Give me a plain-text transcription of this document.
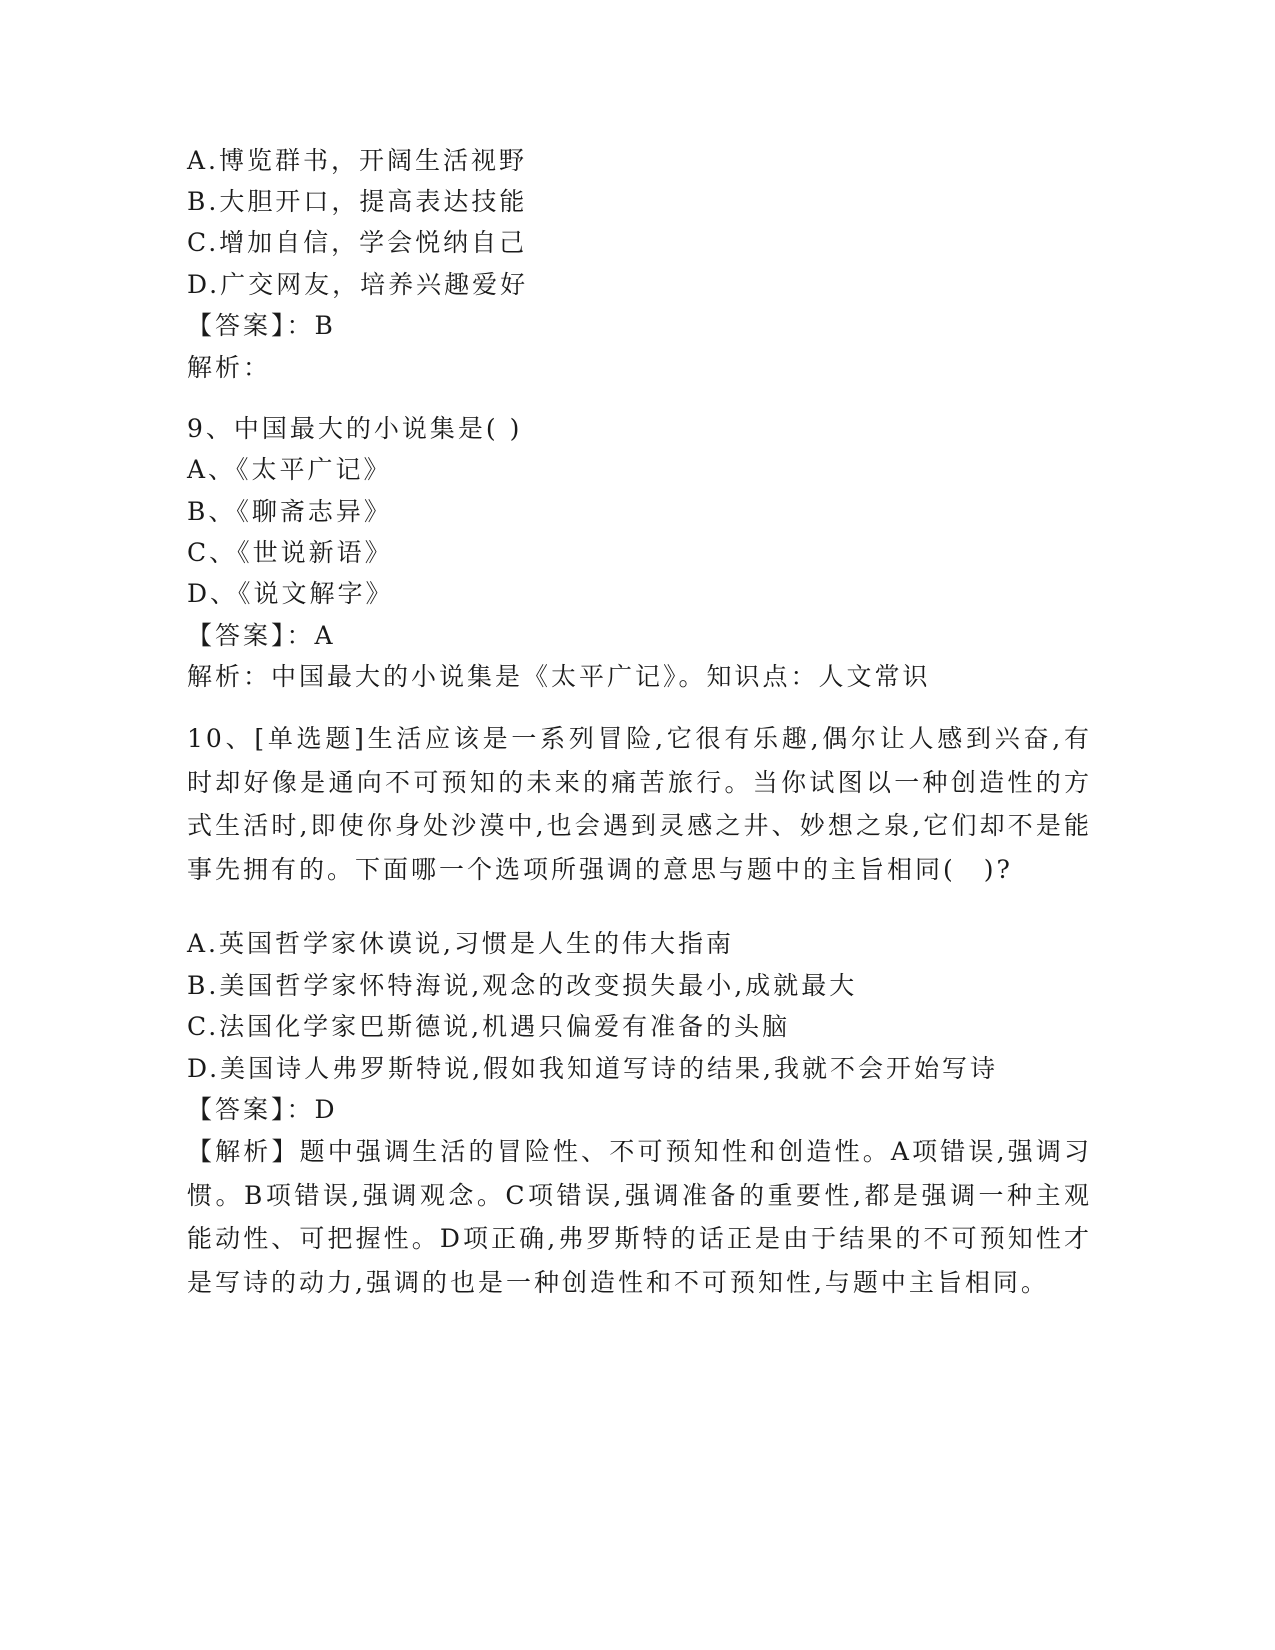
A.博览群书，开阔生活视野
B.大胆开口，提高表达技能
C.增加自信，学会悦纳自己
D.广交网友，培养兴趣爱好
【答案】：B
解析：
9、中国最大的小说集是( )
A、《太平广记》
B、《聊斋志异》
C、《世说新语》
D、《说文解字》
【答案】：A
解析：中国最大的小说集是《太平广记》。知识点：人文常识
10、[单选题]生活应该是一系列冒险,它很有乐趣,偶尔让人感到兴奋,有时却好像是通向不可预知的未来的痛苦旅行。当你试图以一种创造性的方式生活时,即使你身处沙漠中,也会遇到灵感之井、妙想之泉,它们却不是能事先拥有的。下面哪一个选项所强调的意思与题中的主旨相同(　)?
A.英国哲学家休谟说,习惯是人生的伟大指南
B.美国哲学家怀特海说,观念的改变损失最小,成就最大
C.法国化学家巴斯德说,机遇只偏爱有准备的头脑
D.美国诗人弗罗斯特说,假如我知道写诗的结果,我就不会开始写诗
【答案】：D
【解析】题中强调生活的冒险性、不可预知性和创造性。A项错误,强调习惯。B项错误,强调观念。C项错误,强调准备的重要性,都是强调一种主观能动性、可把握性。D项正确,弗罗斯特的话正是由于结果的不可预知性才是写诗的动力,强调的也是一种创造性和不可预知性,与题中主旨相同。
